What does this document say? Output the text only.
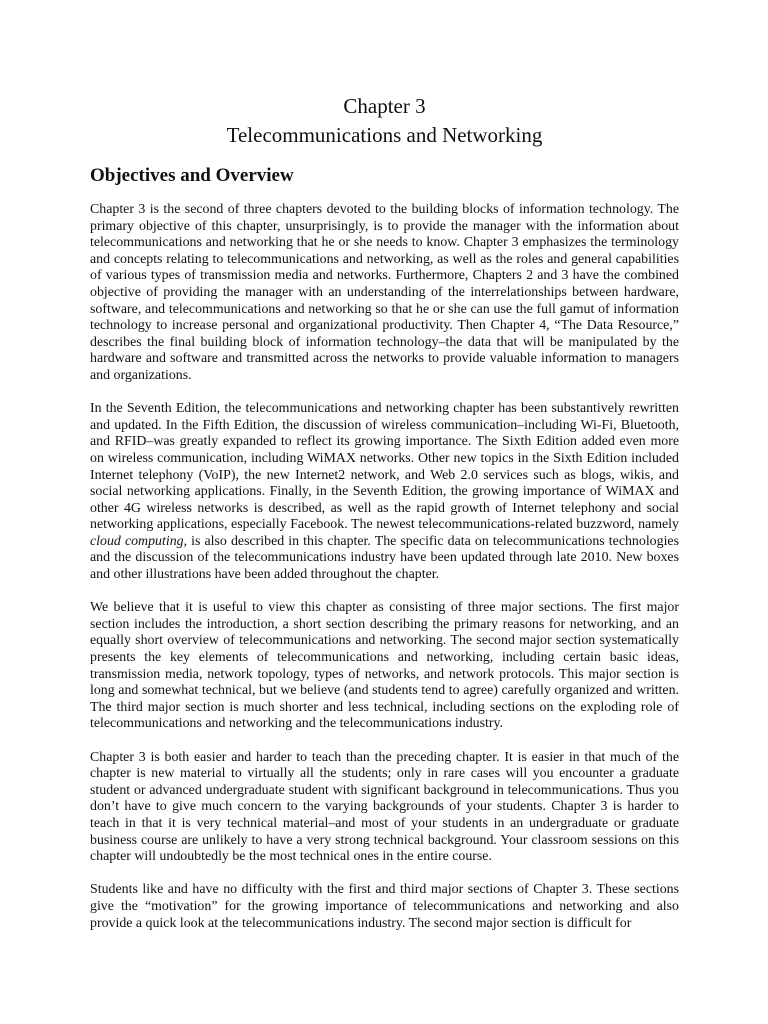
Chapter 3
Telecommunications and Networking
Objectives and Overview

Chapter 3 is the second of three chapters devoted to the building blocks of information technology. The primary objective of this chapter, unsurprisingly, is to provide the manager with the information about telecommunications and networking that he or she needs to know. Chapter 3 emphasizes the terminology and concepts relating to telecommunications and networking, as well as the roles and general capabilities of various types of transmission media and networks. Furthermore, Chapters 2 and 3 have the combined objective of providing the manager with an understanding of the interrelationships between hardware, software, and telecommunications and networking so that he or she can use the full gamut of information technology to increase personal and organizational productivity. Then Chapter 4, “The Data Resource,” describes the final building block of information technology–the data that will be manipulated by the hardware and software and transmitted across the networks to provide valuable information to managers and organizations.

In the Seventh Edition, the telecommunications and networking chapter has been substantively rewritten and updated. In the Fifth Edition, the discussion of wireless communication–including Wi-Fi, Bluetooth, and RFID–was greatly expanded to reflect its growing importance. The Sixth Edition added even more on wireless communication, including WiMAX networks. Other new topics in the Sixth Edition included Internet telephony (VoIP), the new Internet2 network, and Web 2.0 services such as blogs, wikis, and social networking applications. Finally, in the Seventh Edition, the growing importance of WiMAX and other 4G wireless networks is described, as well as the rapid growth of Internet telephony and social networking applications, especially Facebook. The newest telecommunications-related buzzword, namely cloud computing, is also described in this chapter. The specific data on telecommunications technologies and the discussion of the telecommunications industry have been updated through late 2010. New boxes and other illustrations have been added throughout the chapter.

We believe that it is useful to view this chapter as consisting of three major sections. The first major section includes the introduction, a short section describing the primary reasons for networking, and an equally short overview of telecommunications and networking. The second major section systematically presents the key elements of telecommunications and networking, including certain basic ideas, transmission media, network topology, types of networks, and network protocols. This major section is long and somewhat technical, but we believe (and students tend to agree) carefully organized and written. The third major section is much shorter and less technical, including sections on the exploding role of telecommunications and networking and the telecommunications industry.

Chapter 3 is both easier and harder to teach than the preceding chapter. It is easier in that much of the chapter is new material to virtually all the students; only in rare cases will you encounter a graduate student or advanced undergraduate student with significant background in telecommunications. Thus you don’t have to give much concern to the varying backgrounds of your students. Chapter 3 is harder to teach in that it is very technical material–and most of your students in an undergraduate or graduate business course are unlikely to have a very strong technical background. Your classroom sessions on this chapter will undoubtedly be the most technical ones in the entire course.

Students like and have no difficulty with the first and third major sections of Chapter 3. These sections give the “motivation” for the growing importance of telecommunications and networking and also provide a quick look at the telecommunications industry. The second major section is difficult for
